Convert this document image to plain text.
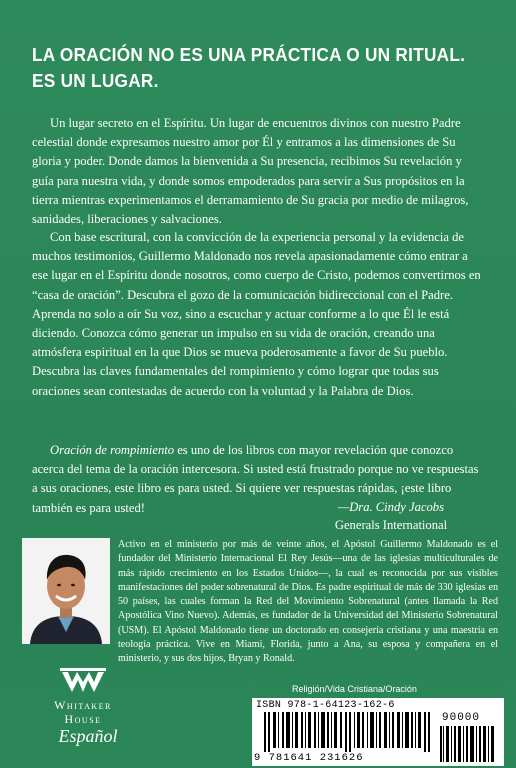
LA ORACIÓN NO ES UNA PRÁCTICA O UN RITUAL.
ES UN LUGAR.
Un lugar secreto en el Espíritu. Un lugar de encuentros divinos con nuestro Padre celestial donde expresamos nuestro amor por Él y entramos a las dimensiones de Su gloria y poder. Donde damos la bienvenida a Su presencia, recibimos Su revelación y guía para nuestra vida, y donde somos empoderados para servir a Sus propósitos en la tierra mientras experimentamos el derramamiento de Su gracia por medio de milagros, sanidades, liberaciones y salvaciones.
Con base escritural, con la convicción de la experiencia personal y la evidencia de muchos testimonios, Guillermo Maldonado nos revela apasionadamente cómo entrar a ese lugar en el Espíritu donde nosotros, como cuerpo de Cristo, podemos convertirnos en “casa de oración”. Descubra el gozo de la comunicación bidireccional con el Padre. Aprenda no solo a oír Su voz, sino a escuchar y actuar conforme a lo que Él le está diciendo. Conozca cómo generar un impulso en su vida de oración, creando una atmósfera espiritual en la que Dios se mueva poderosamente a favor de Su pueblo. Descubra las claves fundamentales del rompimiento y cómo lograr que todas sus oraciones sean contestadas de acuerdo con la voluntad y la Palabra de Dios.
Oración de rompimiento es uno de los libros con mayor revelación que conozco acerca del tema de la oración intercesora. Si usted está frustrado porque no ve respuestas a sus oraciones, este libro es para usted. Si quiere ver respuestas rápidas, ¡este libro también es para usted!	—Dra. Cindy Jacobs
Generals International
Activo en el ministerio por más de veinte años, el Apóstol Guillermo Maldonado es el fundador del Ministerio Internacional El Rey Jesús—una de las iglesias multiculturales de más rápido crecimiento en los Estados Unidos—, la cual es reconocida por sus visibles manifestaciones del poder sobrenatural de Dios. Es padre espiritual de más de 330 iglesias en 50 países, las cuales forman la Red del Movimiento Sobrenatural (antes llamada la Red Apostólica Vino Nuevo). Además, es fundador de la Universidad del Ministerio Sobrenatural (USM). El Apóstol Maldonado tiene un doctorado en consejería cristiana y una maestría en teología práctica. Vive en Miami, Florida, junto a Ana, su esposa y compañera en el ministerio, y sus dos hijos, Bryan y Ronald.
Whitaker
House
Español
Religión/Vida Cristiana/Oración
ISBN 978-1-64123-162-6
9 781641 231626
90000
